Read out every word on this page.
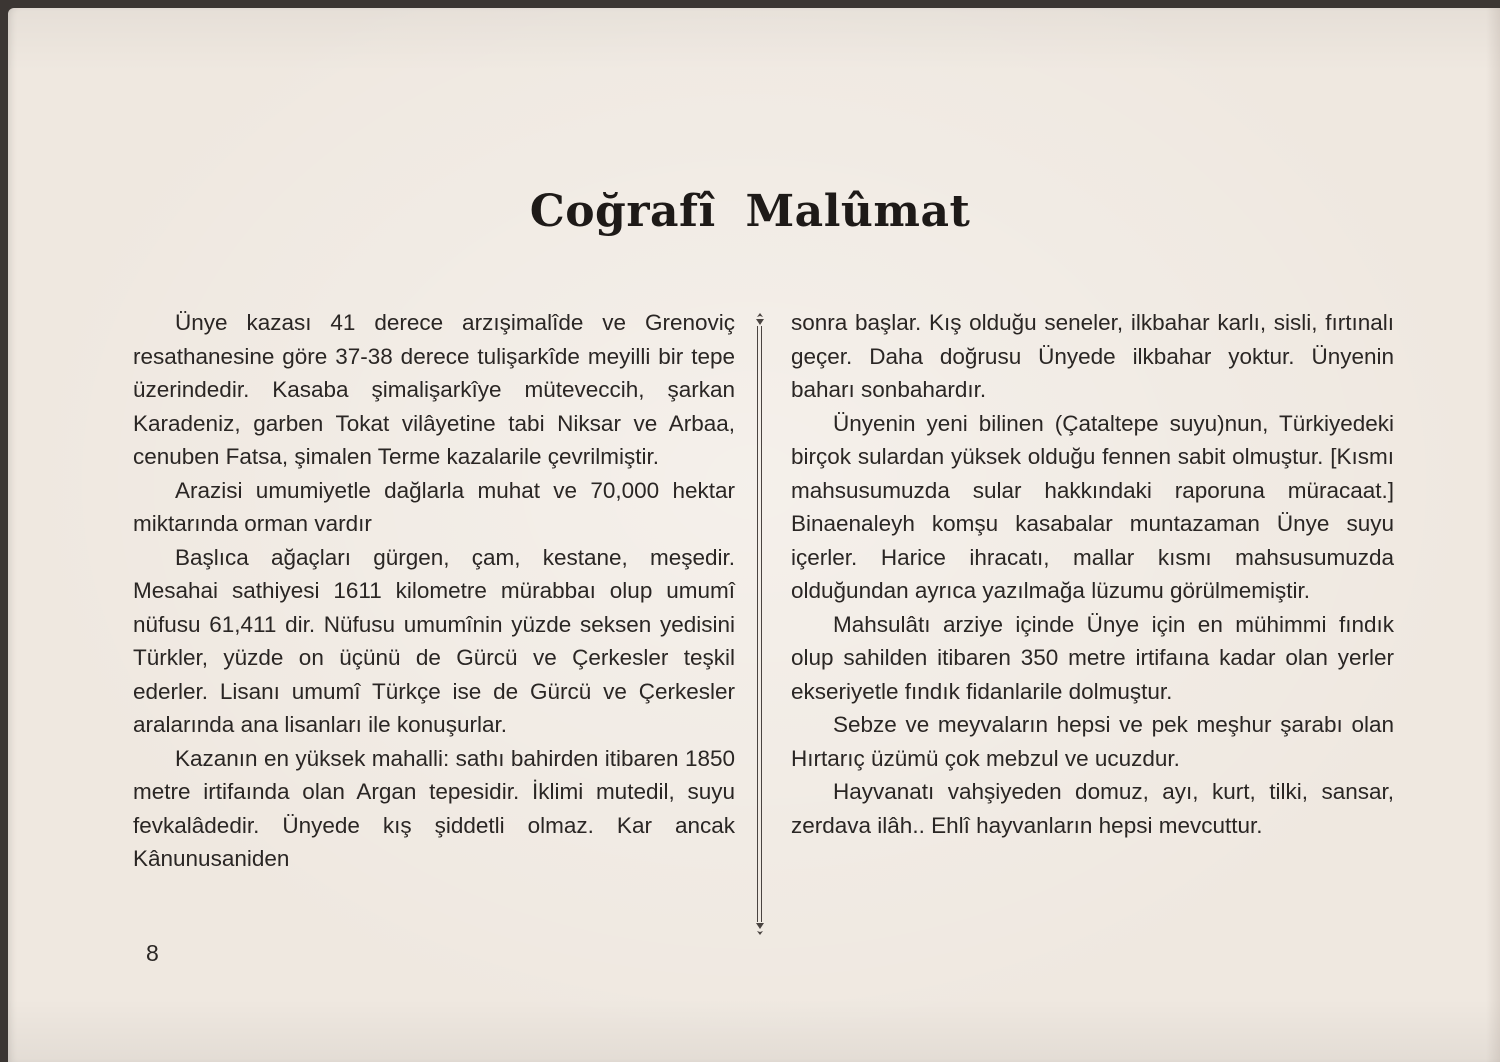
Coğrafî Malûmat

Ünye kazası 41 derece arzışimalîde ve Grenoviç resathanesine göre 37-38 derece tulişarkîde meyilli bir tepe üzerindedir. Kasaba şimalişarkîye müteveccih, şarkan Karadeniz, garben Tokat vilâyetine tabi Niksar ve Arbaa, cenuben Fatsa, şimalen Terme kazalarile çevrilmiştir.

Arazisi umumiyetle dağlarla muhat ve 70,000 hektar miktarında orman vardır

Başlıca ağaçları gürgen, çam, kestane, meşedir. Mesahai sathiyesi 1611 kilometre mürabbaı olup umumî nüfusu 61,411 dir. Nüfusu umumînin yüzde seksen yedisini Türkler, yüzde on üçünü de Gürcü ve Çerkesler teşkil ederler. Lisanı umumî Türkçe ise de Gürcü ve Çerkesler aralarında ana lisanları ile konuşurlar.

Kazanın en yüksek mahalli: sathı bahirden itibaren 1850 metre irtifaında olan Argan tepesidir. İklimi mutedil, suyu fevkalâdedir. Ünyede kış şiddetli olmaz. Kar ancak Kânunusaniden

sonra başlar. Kış olduğu seneler, ilkbahar karlı, sisli, fırtınalı geçer. Daha doğrusu Ünyede ilkbahar yoktur. Ünyenin baharı sonbahardır.

Ünyenin yeni bilinen (Çataltepe suyu)nun, Türkiyedeki birçok sulardan yüksek olduğu fennen sabit olmuştur. [Kısmı mahsusumuzda sular hakkındaki raporuna müracaat.] Binaenaleyh komşu kasabalar muntazaman Ünye suyu içerler. Harice ihracatı, mallar kısmı mahsusumuzda olduğundan ayrıca yazılmağa lüzumu görülmemiştir.

Mahsulâtı arziye içinde Ünye için en mühimmi fındık olup sahilden itibaren 350 metre irtifaına kadar olan yerler ekseriyetle fındık fidanlarile dolmuştur.

Sebze ve meyvaların hepsi ve pek meşhur şarabı olan Hırtarıç üzümü çok mebzul ve ucuzdur.

Hayvanatı vahşiyeden domuz, ayı, kurt, tilki, sansar, zerdava ilâh.. Ehlî hayvanların hepsi mevcuttur.

8
